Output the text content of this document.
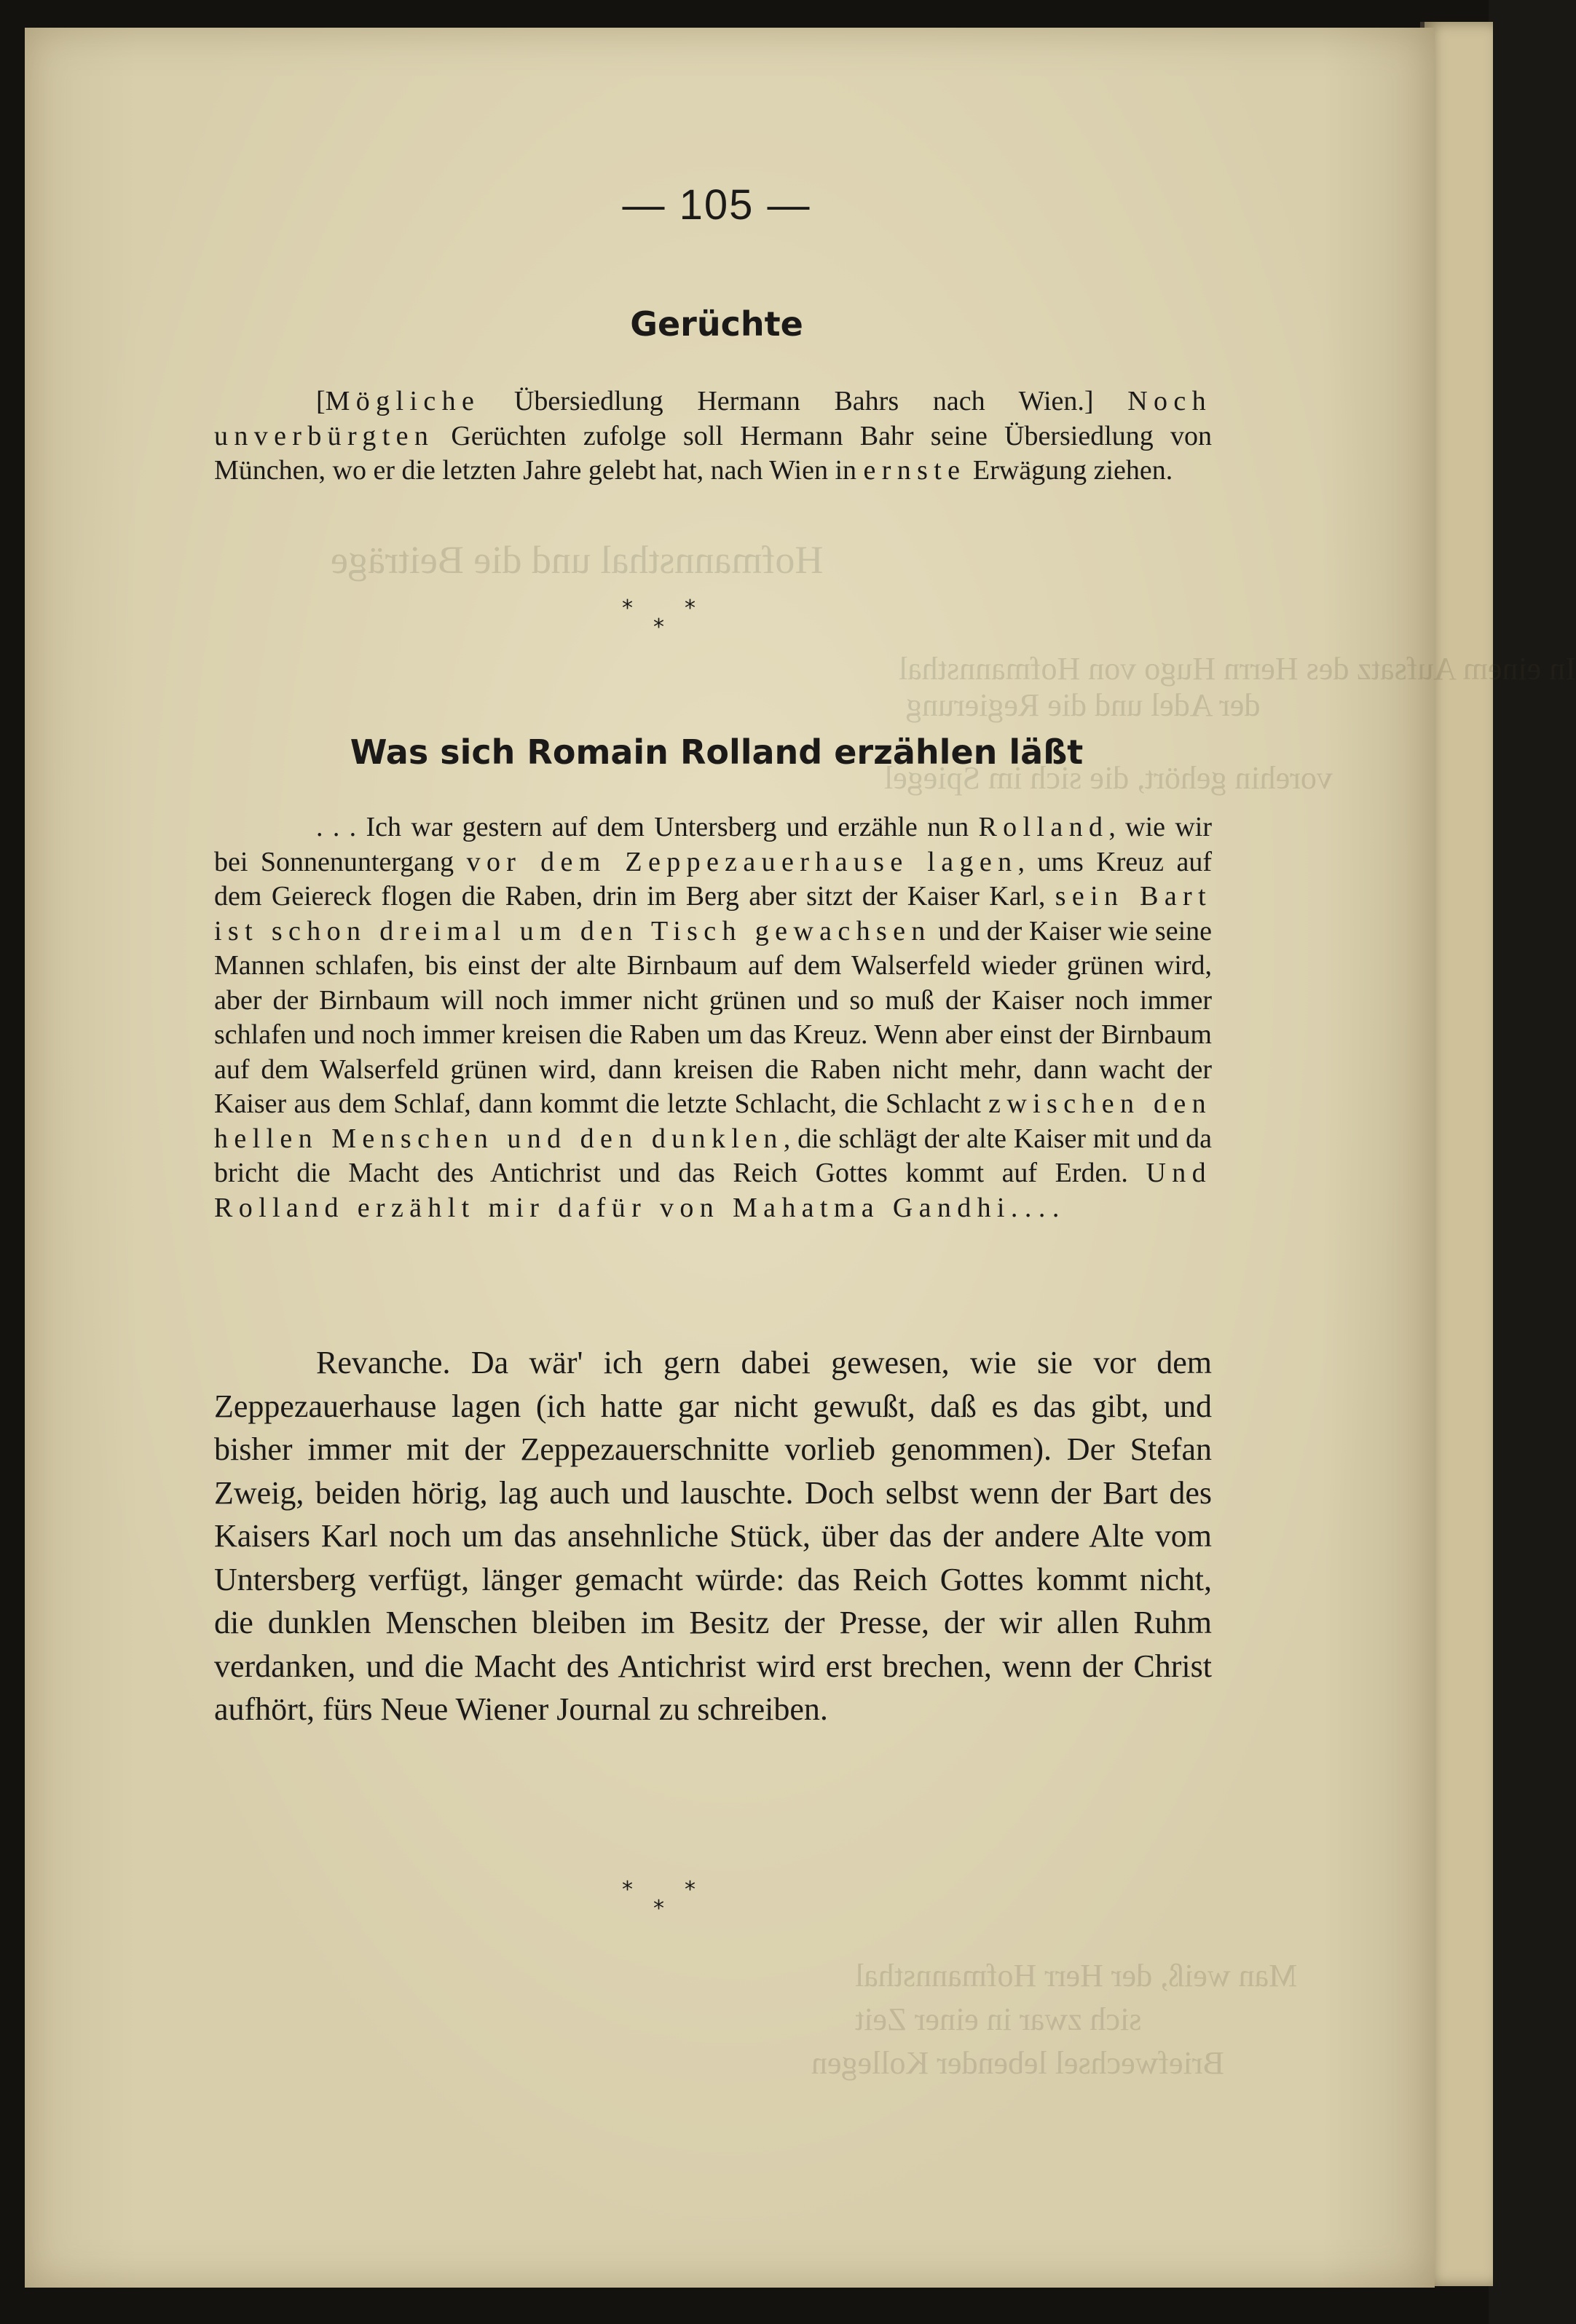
Hofmannsthal und die Beiträge
In einem Aufsatz des Herrn Hugo von Hofmannsthal
der Adel und die Regierung
vorehin gehört, die sich im Spiegel
Man weiß, der Herr Hofmannsthal
sich zwar in einer Zeit
Briefwechsel lebender Kollegen
— 105 —
Gerüchte
[Mögliche Übersiedlung Hermann Bahrs nach Wien.] Noch unverbürgten Gerüchten zufolge soll Hermann Bahr seine Übersiedlung von München, wo er die letzten Jahre gelebt hat, nach Wien in ernste Erwägung ziehen.
* *
*
Was sich Romain Rolland erzählen läßt
. . . Ich war gestern auf dem Untersberg und erzähle nun Rolland, wie wir bei Sonnenuntergang vor dem Zeppezauerhause lagen, ums Kreuz auf dem Geiereck flogen die Raben, drin im Berg aber sitzt der Kaiser Karl, sein Bart ist schon dreimal um den Tisch gewachsen und der Kaiser wie seine Mannen schlafen, bis einst der alte Birnbaum auf dem Walserfeld wieder grünen wird, aber der Birnbaum will noch immer nicht grünen und so muß der Kaiser noch immer schlafen und noch immer kreisen die Raben um das Kreuz. Wenn aber einst der Birnbaum auf dem Walserfeld grünen wird, dann kreisen die Raben nicht mehr, dann wacht der Kaiser aus dem Schlaf, dann kommt die letzte Schlacht, die Schlacht zwischen den hellen Menschen und den dunklen, die schlägt der alte Kaiser mit und da bricht die Macht des Antichrist und das Reich Gottes kommt auf Erden. Und Rolland erzählt mir dafür von Mahatma Gandhi. . . .
Revanche. Da wär' ich gern dabei gewesen, wie sie vor dem Zeppezauerhause lagen (ich hatte gar nicht gewußt, daß es das gibt, und bisher immer mit der Zeppezauerschnitte vorlieb genommen). Der Stefan Zweig, beiden hörig, lag auch und lauschte. Doch selbst wenn der Bart des Kaisers Karl noch um das ansehnliche Stück, über das der andere Alte vom Untersberg verfügt, länger gemacht würde: das Reich Gottes kommt nicht, die dunklen Menschen bleiben im Besitz der Presse, der wir allen Ruhm verdanken, und die Macht des Antichrist wird erst brechen, wenn der Christ aufhört, fürs Neue Wiener Journal zu schreiben.
* *
*
